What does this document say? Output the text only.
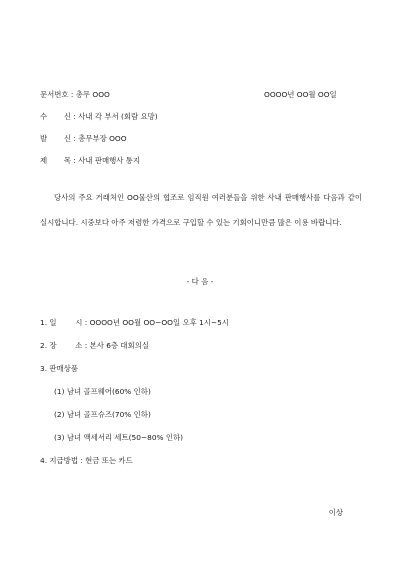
문서번호 : 총무 OOO	OOOO년 OO월 OO일
수 신 : 사내 각 부서 (회람 요망)
발 신 : 총무부장 OOO
제 목 : 사내 판매행사 통지
당사의 주요 거래처인 OO물산의 협조로 임직원 여러분들을 위한 사내 판매행사를 다음과 같이 실시합니다. 시중보다 아주 저렴한 가격으로 구입할 수 있는 기회이니만큼 많은 이용 바랍니다.
- 다 음 -
1. 일	시 : OOOO년 OO월 OO~OO일 오후 1시~5시
2. 장	소 : 본사 6층 대회의실
3. 판매상품
(1) 남녀 골프웨어(60% 인하)
(2) 남녀 골프슈즈(70% 인하)
(3) 남녀 액세서리 세트(50~80% 인하)
4. 지급방법 : 현금 또는 카드
이상
